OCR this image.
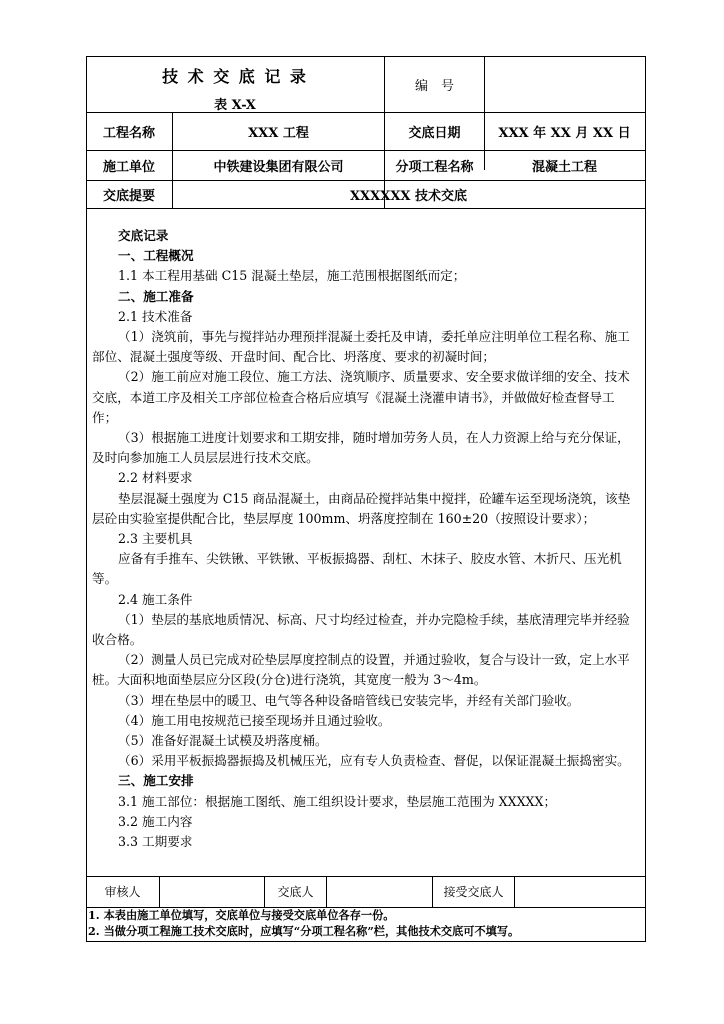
技 术 交 底 记 录
表 X-X
编　号
工程名称	XXX 工程	交底日期	XXX 年 XX 月 XX 日
施工单位	中铁建设集团有限公司	分项工程名称	混凝土工程
交底提要	XXXXXX 技术交底

交底记录

一、工程概况

1.1 本工程用基础 C15 混凝土垫层，施工范围根据图纸而定；

二、施工准备

2.1 技术准备

（1）浇筑前，事先与搅拌站办理预拌混凝土委托及申请，委托单应注明单位工程名称、施工部位、混凝土强度等级、开盘时间、配合比、坍落度、要求的初凝时间；

（2）施工前应对施工段位、施工方法、浇筑顺序、质量要求、安全要求做详细的安全、技术交底，本道工序及相关工序部位检查合格后应填写《混凝土浇灌申请书》，并做做好检查督导工作；

（3）根据施工进度计划要求和工期安排，随时增加劳务人员，在人力资源上给与充分保证，及时向参加施工人员层层进行技术交底。

2.2 材料要求

垫层混凝土强度为 C15 商品混凝土，由商品砼搅拌站集中搅拌，砼罐车运至现场浇筑，该垫层砼由实验室提供配合比，垫层厚度 100mm、坍落度控制在 160±20（按照设计要求）；

2.3 主要机具

应备有手推车、尖铁锹、平铁锹、平板振捣器、刮杠、木抹子、胶皮水管、木折尺、压光机等。

2.4 施工条件

（1）垫层的基底地质情况、标高、尺寸均经过检查，并办完隐检手续，基底清理完毕并经验收合格。

（2）测量人员已完成对砼垫层厚度控制点的设置，并通过验收，复合与设计一致，定上水平桩。大面积地面垫层应分区段(分仓)进行浇筑，其宽度一般为 3～4m。

（3）埋在垫层中的暖卫、电气等各种设备暗管线已安装完毕，并经有关部门验收。

（4）施工用电按规范已接至现场并且通过验收。

（5）准备好混凝土试模及坍落度桶。

（6）采用平板振捣器振捣及机械压光，应有专人负责检查、督促，以保证混凝土振捣密实。

三、施工安排

3.1 施工部位：根据施工图纸、施工组织设计要求，垫层施工范围为 XXXXX；

3.2 施工内容

3.3 工期要求

审核人	交底人	接受交底人
1. 本表由施工单位填写，交底单位与接受交底单位各存一份。
2. 当做分项工程施工技术交底时，应填写“分项工程名称”栏，其他技术交底可不填写。
